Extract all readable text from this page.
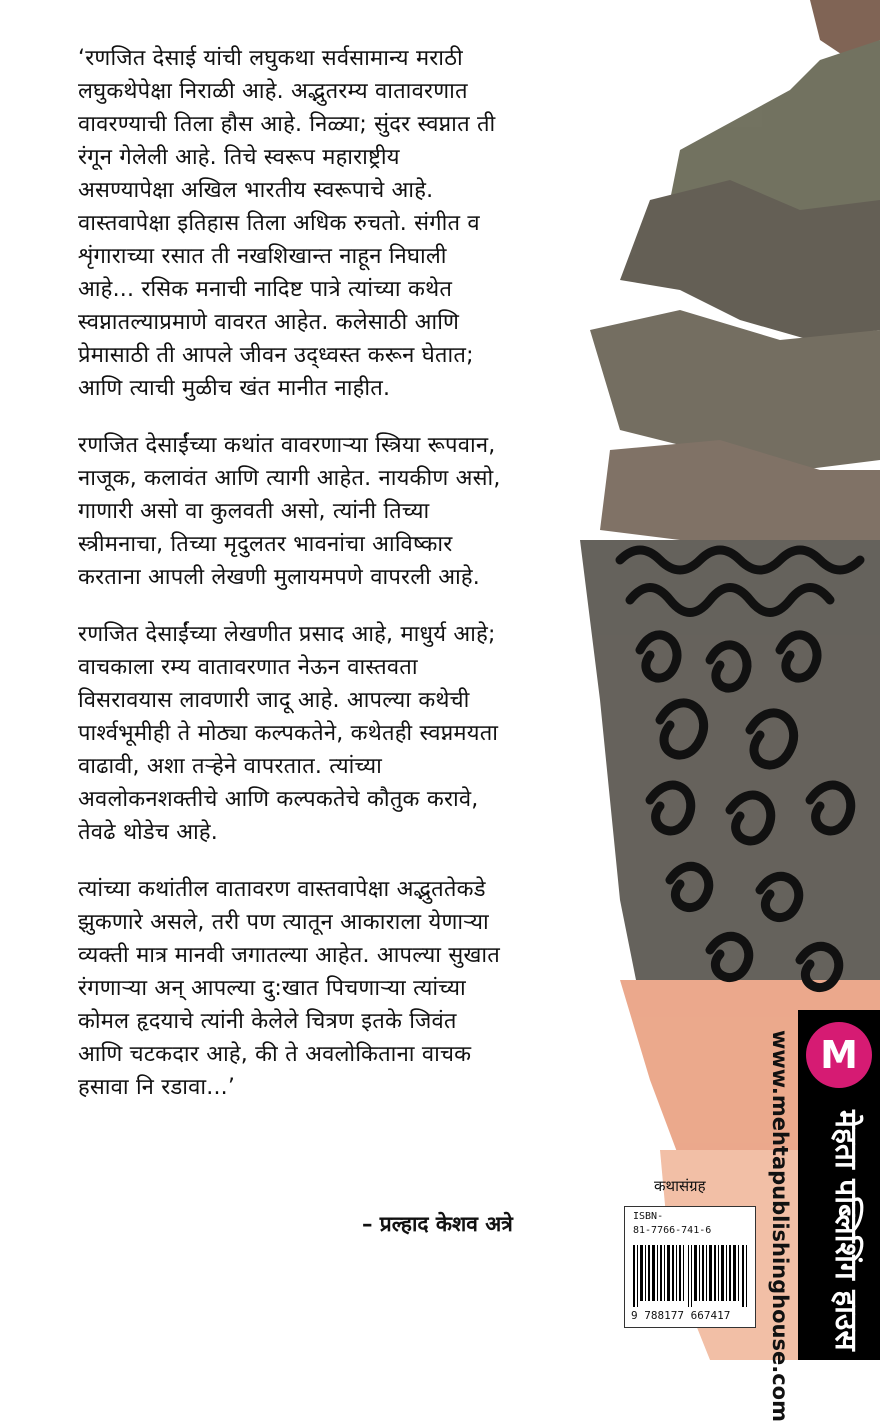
‘रणजित देसाई यांची लघुकथा सर्वसामान्य मराठी
लघुकथेपेक्षा निराळी आहे. अद्भुतरम्य वातावरणात
वावरण्याची तिला हौस आहे. निळ्या; सुंदर स्वप्नात ती
रंगून गेलेली आहे. तिचे स्वरूप महाराष्ट्रीय
असण्यापेक्षा अखिल भारतीय स्वरूपाचे आहे.
वास्तवापेक्षा इतिहास तिला अधिक रुचतो. संगीत व
शृंगाराच्या रसात ती नखशिखान्त नाहून निघाली
आहे... रसिक मनाची नादिष्ट पात्रे त्यांच्या कथेत
स्वप्नातल्याप्रमाणे वावरत आहेत. कलेसाठी आणि
प्रेमासाठी ती आपले जीवन उद्ध्वस्त करून घेतात;
आणि त्याची मुळीच खंत मानीत नाहीत.
रणजित देसाईंच्या कथांत वावरणाऱ्या स्त्रिया रूपवान,
नाजूक, कलावंत आणि त्यागी आहेत. नायकीण असो,
गाणारी असो वा कुलवती असो, त्यांनी तिच्या
स्त्रीमनाचा, तिच्या मृदुलतर भावनांचा आविष्कार
करताना आपली लेखणी मुलायमपणे वापरली आहे.
रणजित देसाईंच्या लेखणीत प्रसाद आहे, माधुर्य आहे;
वाचकाला रम्य वातावरणात नेऊन वास्तवता
विसरावयास लावणारी जादू आहे. आपल्या कथेची
पार्श्वभूमीही ते मोठ्या कल्पकतेने, कथेतही स्वप्नमयता
वाढावी, अशा तऱ्हेने वापरतात. त्यांच्या
अवलोकनशक्तीचे आणि कल्पकतेचे कौतुक करावे,
तेवढे थोडेच आहे.
त्यांच्या कथांतील वातावरण वास्तवापेक्षा अद्भुततेकडे
झुकणारे असले, तरी पण त्यातून आकाराला येणाऱ्या
व्यक्ती मात्र मानवी जगातल्या आहेत. आपल्या सुखात
रंगणाऱ्या अन् आपल्या दु:खात पिचणाऱ्या त्यांच्या
कोमल हृदयाचे त्यांनी केलेले चित्रण इतके जिवंत
आणि चटकदार आहे, की ते अवलोकिताना वाचक
हसावा नि रडावा...’
– प्रल्हाद केशव अत्रे	www.mehtapublishinghouse.com M
मेहता पब्लिशिंग हाउस
कथासंग्रह
ISBN-
81-7766-741-6
9 788177 667417
